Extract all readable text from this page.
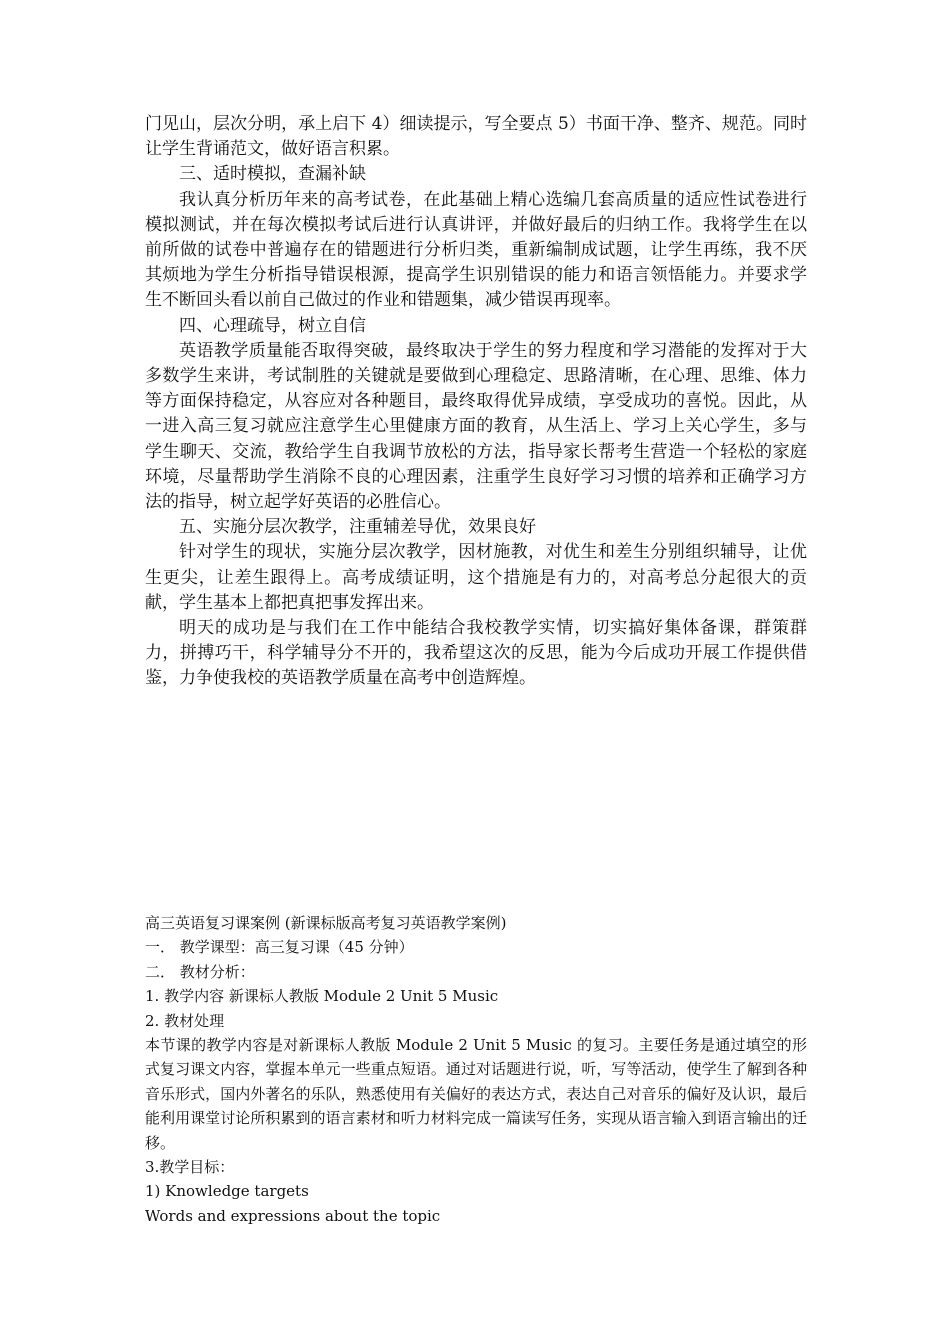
门见山，层次分明，承上启下 4）细读提示，写全要点 5）书面干净、整齐、规范。同时让学生背诵范文，做好语言积累。

三、适时模拟，查漏补缺

我认真分析历年来的高考试卷，在此基础上精心选编几套高质量的适应性试卷进行模拟测试，并在每次模拟考试后进行认真讲评，并做好最后的归纳工作。我将学生在以前所做的试卷中普遍存在的错题进行分析归类，重新编制成试题，让学生再练，我不厌其烦地为学生分析指导错误根源，提高学生识别错误的能力和语言领悟能力。并要求学生不断回头看以前自己做过的作业和错题集，减少错误再现率。

四、心理疏导，树立自信

英语教学质量能否取得突破，最终取决于学生的努力程度和学习潜能的发挥对于大多数学生来讲，考试制胜的关键就是要做到心理稳定、思路清晰，在心理、思维、体力等方面保持稳定，从容应对各种题目，最终取得优异成绩，享受成功的喜悦。因此，从一进入高三复习就应注意学生心里健康方面的教育，从生活上、学习上关心学生，多与学生聊天、交流，教给学生自我调节放松的方法，指导家长帮考生营造一个轻松的家庭环境，尽量帮助学生消除不良的心理因素，注重学生良好学习习惯的培养和正确学习方法的指导，树立起学好英语的必胜信心。

五、实施分层次教学，注重辅差导优，效果良好

针对学生的现状，实施分层次教学，因材施教，对优生和差生分别组织辅导，让优生更尖，让差生跟得上。高考成绩证明，这个措施是有力的，对高考总分起很大的贡献，学生基本上都把真把事发挥出来。

明天的成功是与我们在工作中能结合我校教学实情，切实搞好集体备课，群策群力，拼搏巧干，科学辅导分不开的，我希望这次的反思，能为今后成功开展工作提供借鉴，力争使我校的英语教学质量在高考中创造辉煌。

高三英语复习课案例 (新课标版高考复习英语教学案例)

一． 教学课型：高三复习课（45 分钟）

二． 教材分析：

1. 教学内容 新课标人教版 Module 2 Unit 5 Music

2. 教材处理

本节课的教学内容是对新课标人教版 Module 2 Unit 5 Music 的复习。主要任务是通过填空的形式复习课文内容，掌握本单元一些重点短语。通过对话题进行说，听，写等活动，使学生了解到各种音乐形式，国内外著名的乐队，熟悉使用有关偏好的表达方式，表达自己对音乐的偏好及认识，最后能利用课堂讨论所积累到的语言素材和听力材料完成一篇读写任务，实现从语言输入到语言输出的迁移。

3.教学目标：

1) Knowledge targets

Words and expressions about the topic
